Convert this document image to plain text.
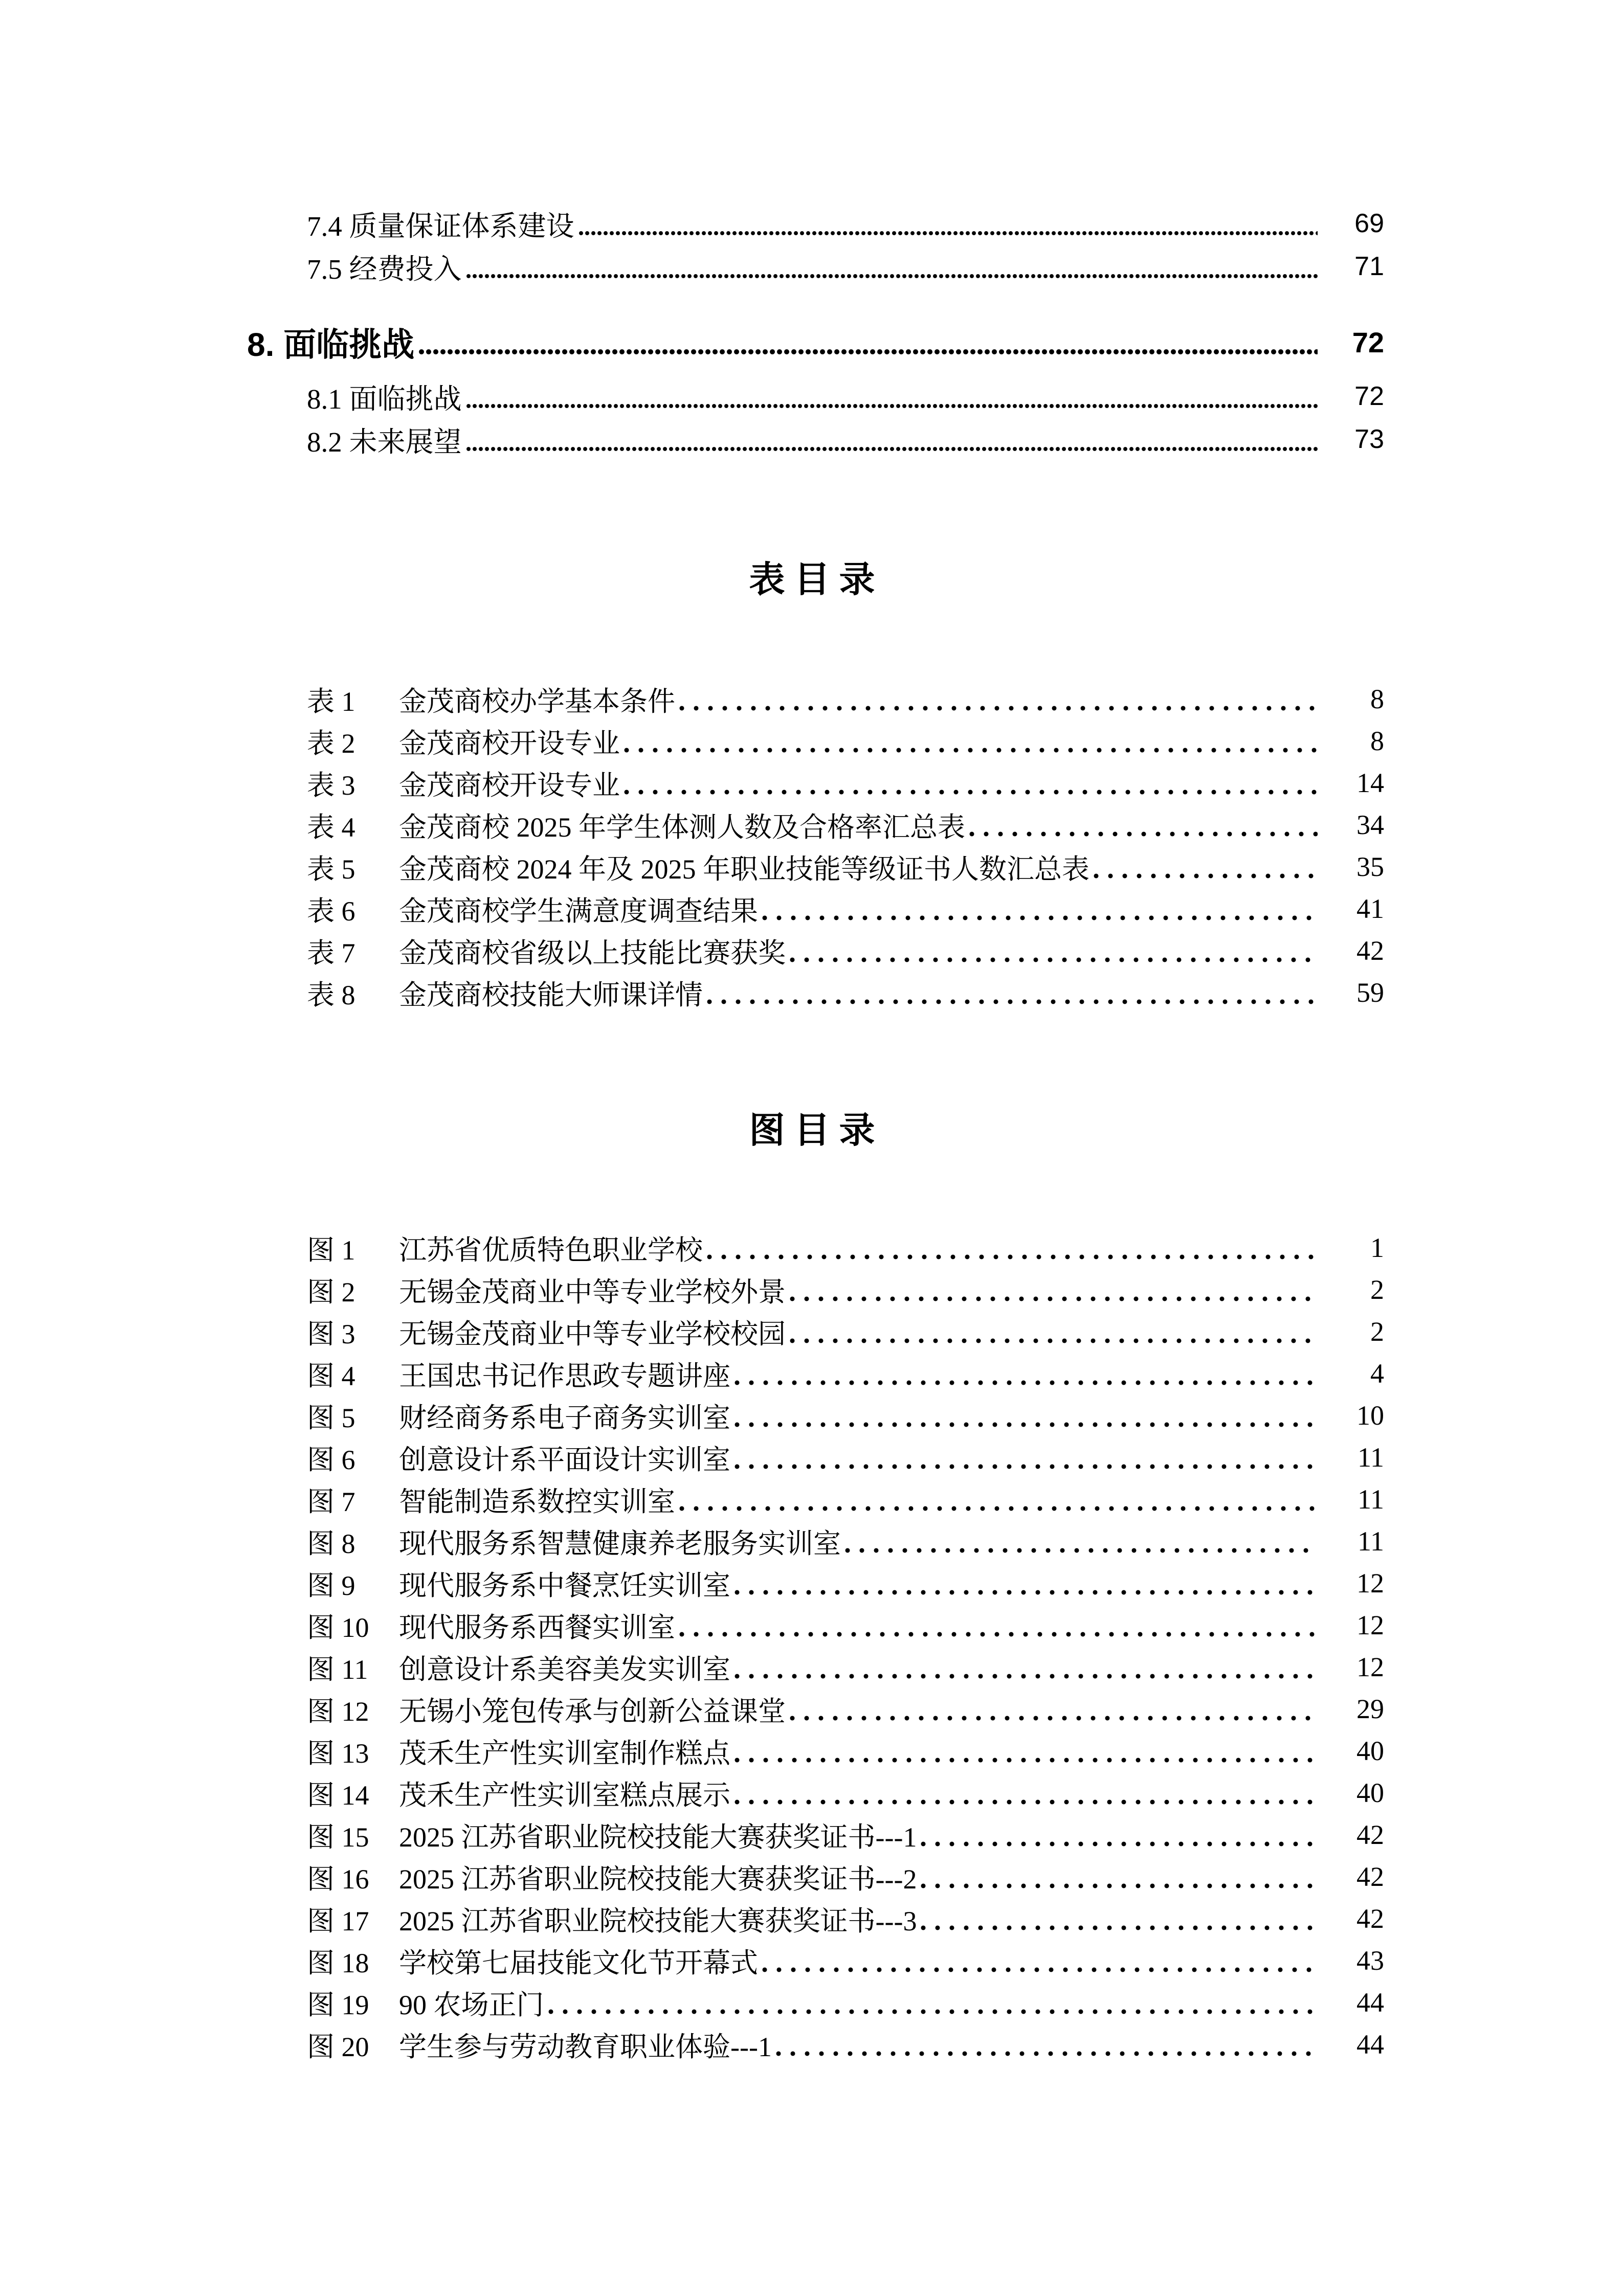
7.4 质量保证体系建设	69
7.5 经费投入	71
8. 面临挑战	72
8.1 面临挑战	72
8.2 未来展望	73
表目录
表 1	金茂商校办学基本条件	8
表 2	金茂商校开设专业	8
表 3	金茂商校开设专业	14
表 4	金茂商校 2025 年学生体测人数及合格率汇总表	34
表 5	金茂商校 2024 年及 2025 年职业技能等级证书人数汇总表	35
表 6	金茂商校学生满意度调查结果	41
表 7	金茂商校省级以上技能比赛获奖	42
表 8	金茂商校技能大师课详情	59
图目录
图 1	江苏省优质特色职业学校	1
图 2	无锡金茂商业中等专业学校外景	2
图 3	无锡金茂商业中等专业学校校园	2
图 4	王国忠书记作思政专题讲座	4
图 5	财经商务系电子商务实训室	10
图 6	创意设计系平面设计实训室	11
图 7	智能制造系数控实训室	11
图 8	现代服务系智慧健康养老服务实训室	11
图 9	现代服务系中餐烹饪实训室	12
图 10	现代服务系西餐实训室	12
图 11	创意设计系美容美发实训室	12
图 12	无锡小笼包传承与创新公益课堂	29
图 13	茂禾生产性实训室制作糕点	40
图 14	茂禾生产性实训室糕点展示	40
图 15	2025 江苏省职业院校技能大赛获奖证书---1	42
图 16	2025 江苏省职业院校技能大赛获奖证书---2	42
图 17	2025 江苏省职业院校技能大赛获奖证书---3	42
图 18	学校第七届技能文化节开幕式	43
图 19	90 农场正门	44
图 20	学生参与劳动教育职业体验---1	44
